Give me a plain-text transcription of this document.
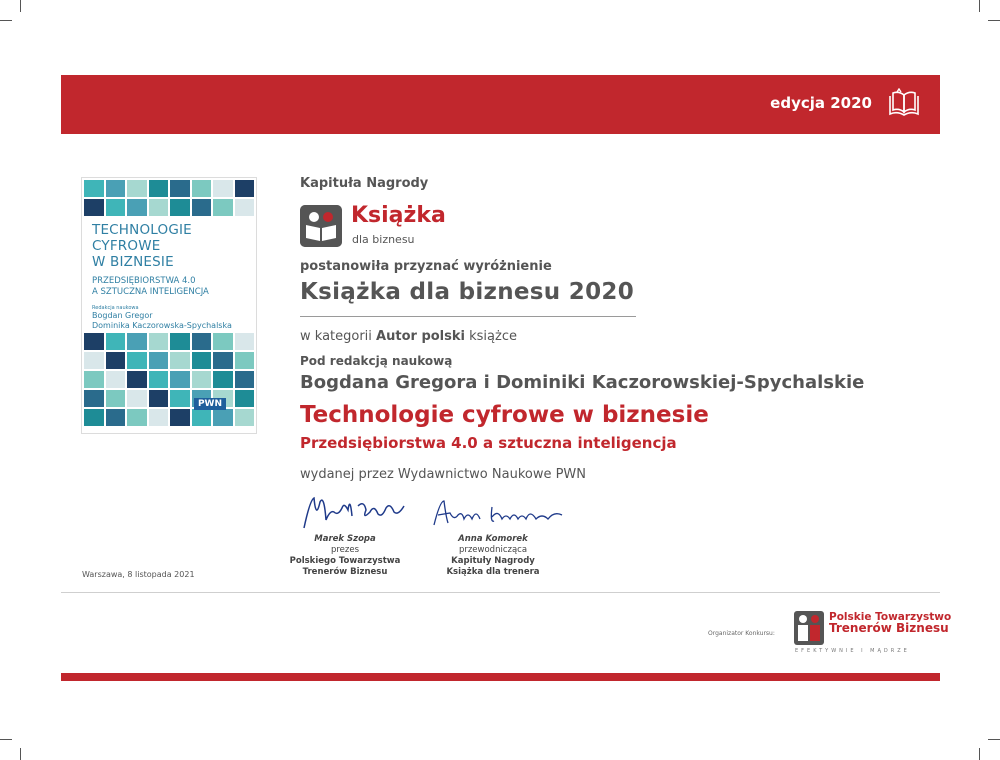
edycja 2020
TECHNOLOGIE CYFROWE
W BIZNESIE
PRZEDSIĘBIORSTWA 4.0
A SZTUCZNA INTELIGENCJA
Redakcja naukowa
Bogdan Gregor
Dominika Kaczorowska-Spychalska
PWN
Kapituła Nagrody
Książka
dla biznesu
postanowiła przyznać wyróżnienie
Książka dla biznesu 2020
w kategorii Autor polski książce
Pod redakcją naukową
Bogdana Gregora i Dominiki Kaczorowskiej-Spychalskie
Technologie cyfrowe w biznesie
Przedsiębiorstwa 4.0 a sztuczna inteligencja
wydanej przez Wydawnictwo Naukowe PWN
Marek Szopa
prezes
Polskiego Towarzystwa
Trenerów Biznesu
Anna Komorek
przewodnicząca
Kapituły Nagrody
Książka dla trenera
Warszawa, 8 listopada 2021
Organizator Konkursu:
Polskie Towarzystwo
Trenerów Biznesu
EFEKTYWNIE I MĄDRZE
